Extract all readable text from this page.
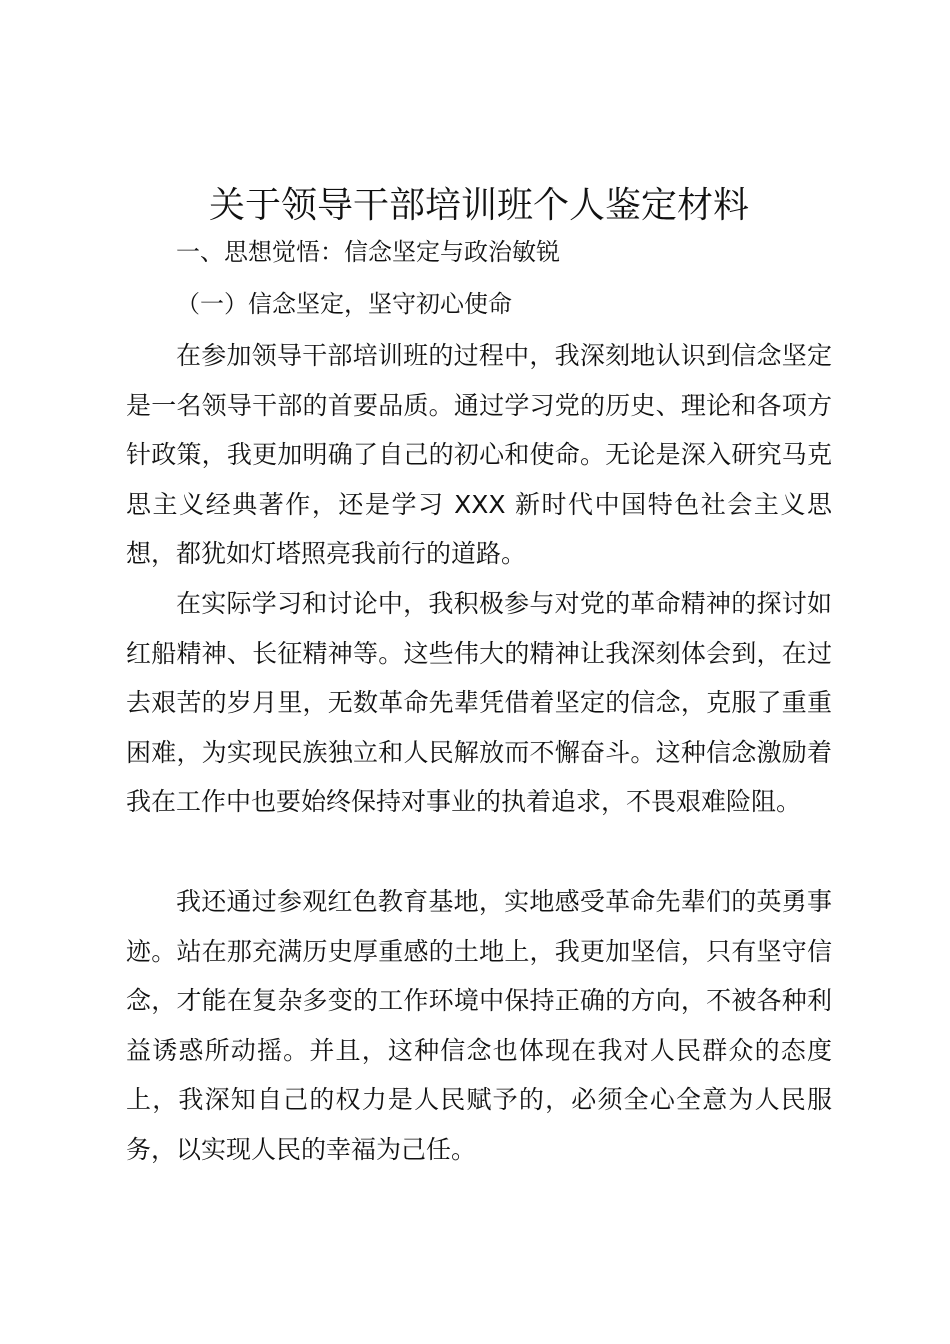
关于领导干部培训班个人鉴定材料

一、思想觉悟：信念坚定与政治敏锐

（一）信念坚定，坚守初心使命

在参加领导干部培训班的过程中，我深刻地认识到信念坚定是一名领导干部的首要品质。通过学习党的历史、理论和各项方针政策，我更加明确了自己的初心和使命。无论是深入研究马克思主义经典著作，还是学习 XXX 新时代中国特色社会主义思想，都犹如灯塔照亮我前行的道路。

在实际学习和讨论中，我积极参与对党的革命精神的探讨如红船精神、长征精神等。这些伟大的精神让我深刻体会到，在过去艰苦的岁月里，无数革命先辈凭借着坚定的信念，克服了重重困难，为实现民族独立和人民解放而不懈奋斗。这种信念激励着我在工作中也要始终保持对事业的执着追求，不畏艰难险阻。

我还通过参观红色教育基地，实地感受革命先辈们的英勇事迹。站在那充满历史厚重感的土地上，我更加坚信，只有坚守信念，才能在复杂多变的工作环境中保持正确的方向，不被各种利益诱惑所动摇。并且，这种信念也体现在我对人民群众的态度上，我深知自己的权力是人民赋予的，必须全心全意为人民服务，以实现人民的幸福为己任。
